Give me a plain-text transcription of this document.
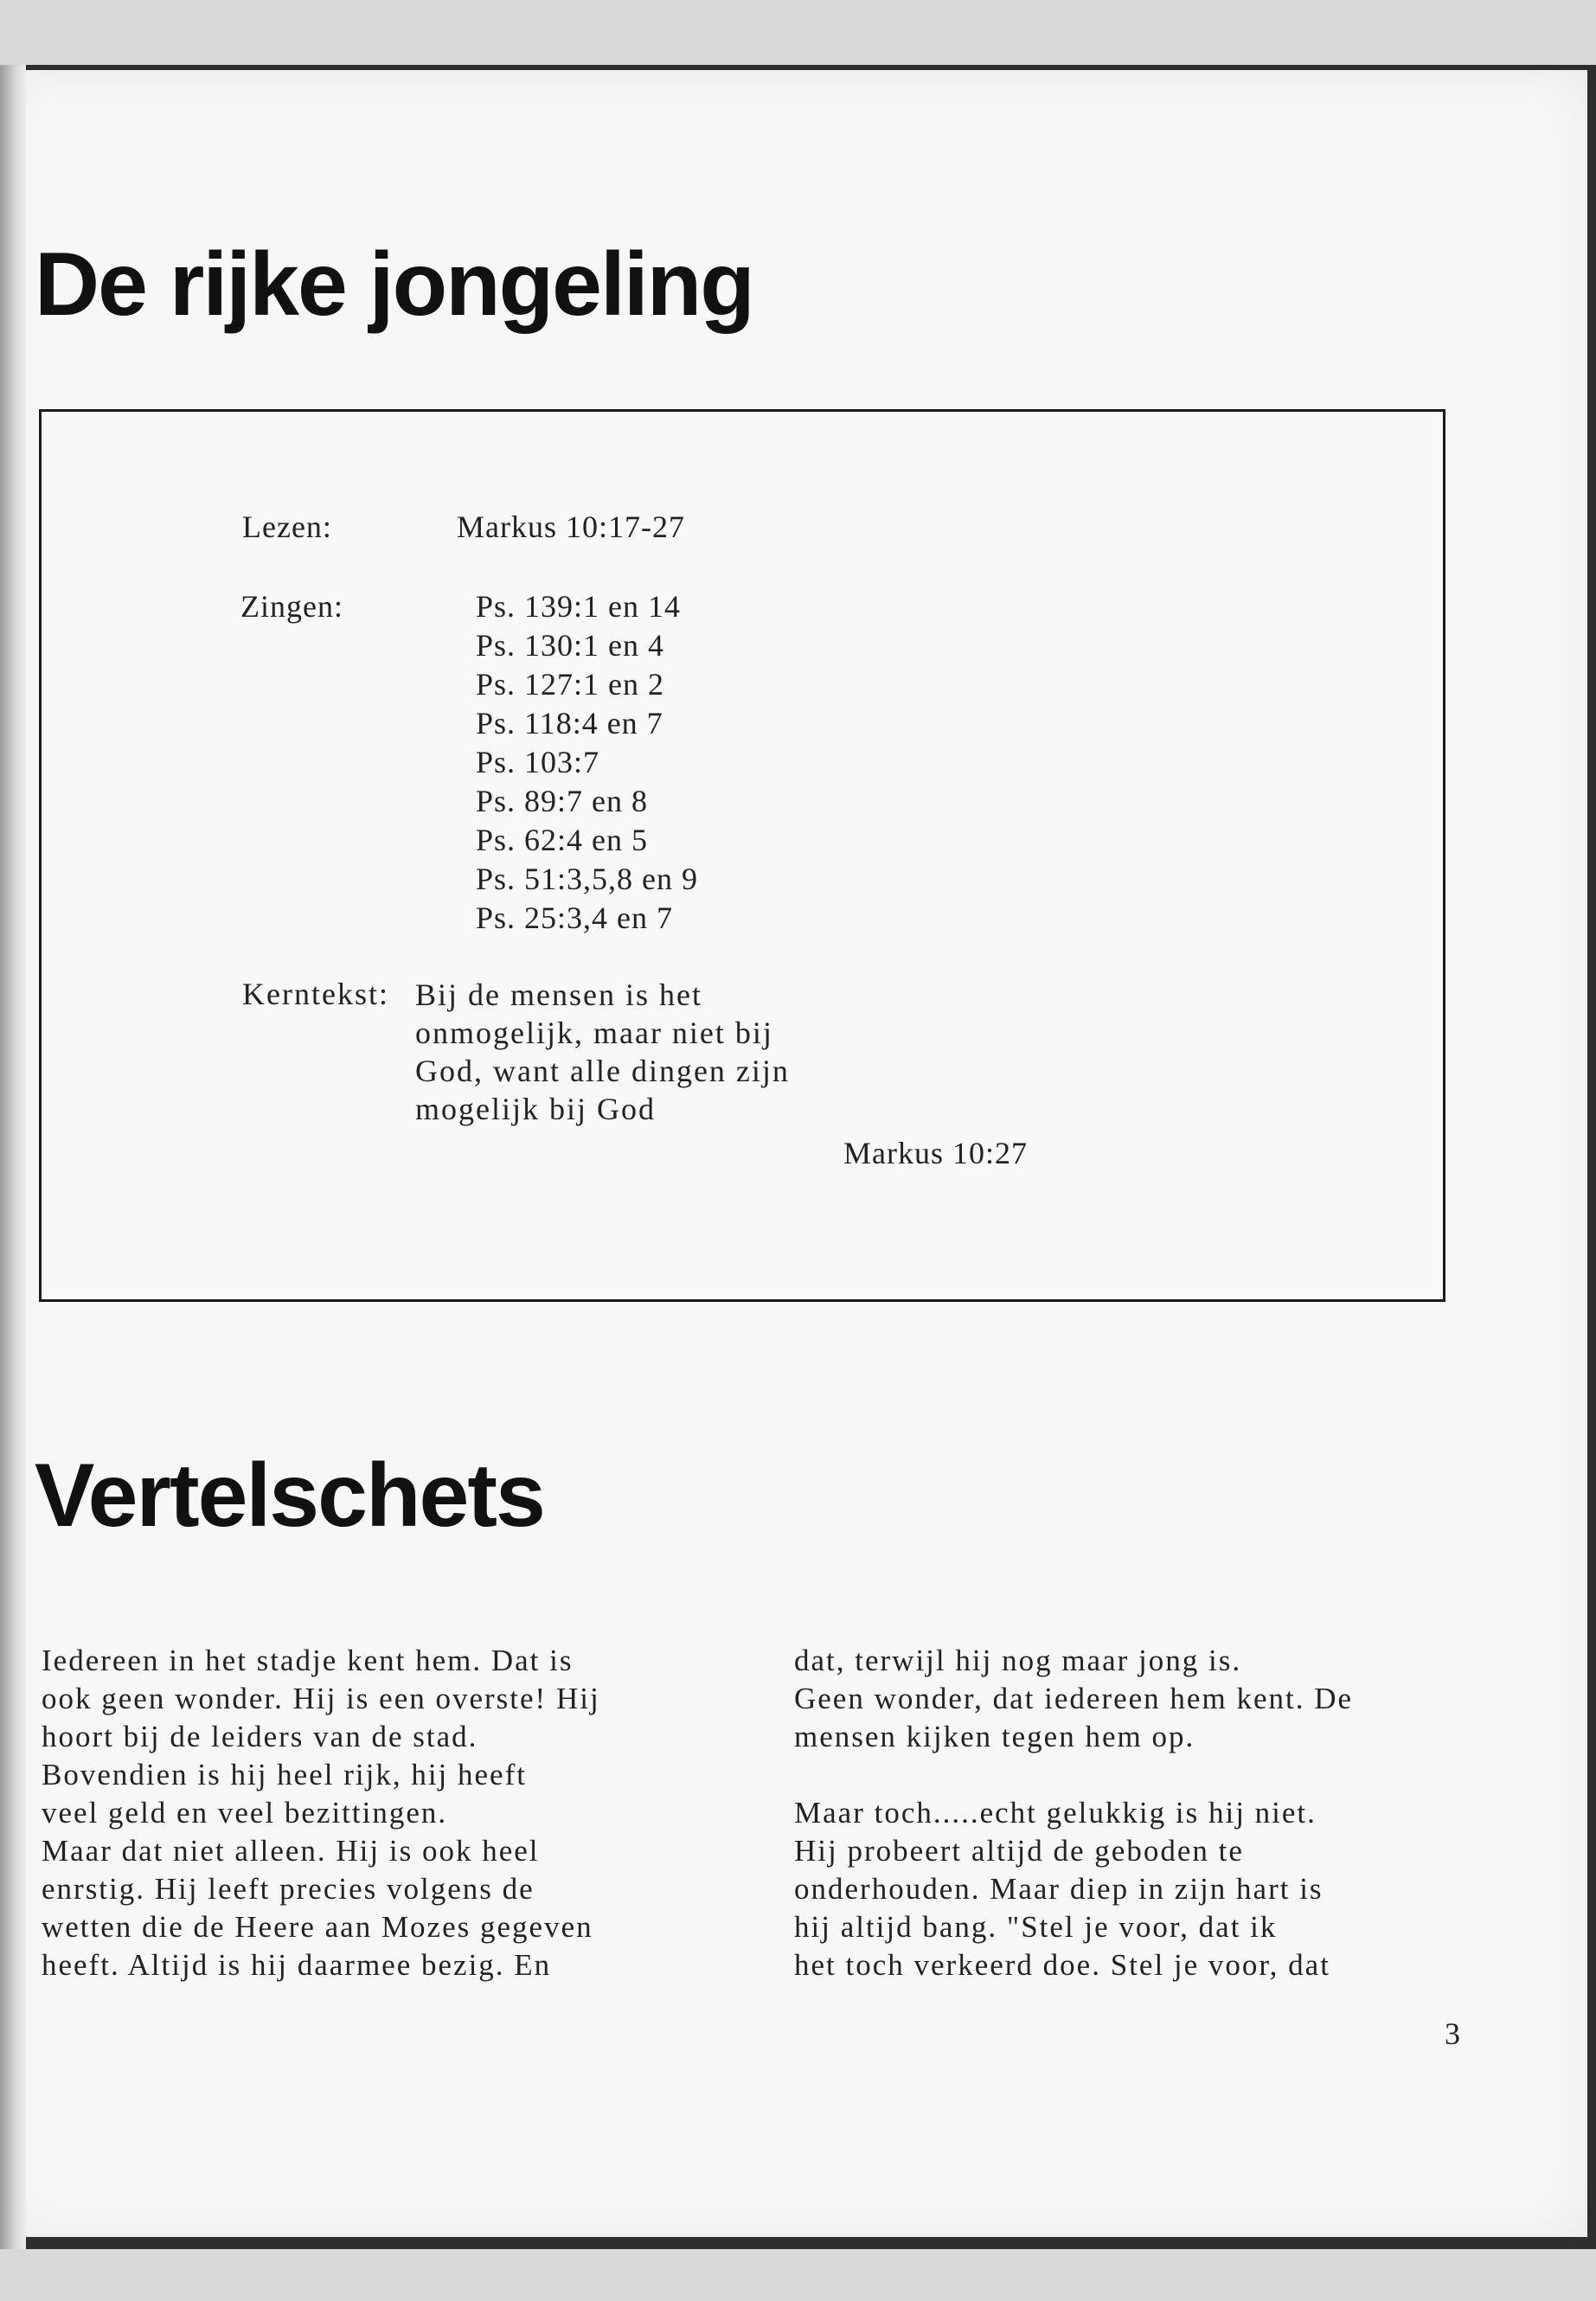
De rijke jongeling
Lezen:	Markus 10:17-27
Zingen:	Ps. 139:1 en 14
Ps. 130:1 en 4
Ps. 127:1 en 2
Ps. 118:4 en 7
Ps. 103:7
Ps. 89:7 en 8
Ps. 62:4 en 5
Ps. 51:3,5,8 en 9
Ps. 25:3,4 en 7
Kerntekst: Bij de mensen is het
onmogelijk, maar niet bij
God, want alle dingen zijn
mogelijk bij God
Markus 10:27
Vertelschets
Iedereen in het stadje kent hem. Dat is
ook geen wonder. Hij is een overste! Hij
hoort bij de leiders van de stad.
Bovendien is hij heel rijk, hij heeft
veel geld en veel bezittingen.
Maar dat niet alleen. Hij is ook heel
enrstig. Hij leeft precies volgens de
wetten die de Heere aan Mozes gegeven
heeft. Altijd is hij daarmee bezig. En
dat, terwijl hij nog maar jong is.
Geen wonder, dat iedereen hem kent. De
mensen kijken tegen hem op.
Maar toch.....echt gelukkig is hij niet.
Hij probeert altijd de geboden te
onderhouden. Maar diep in zijn hart is
hij altijd bang. "Stel je voor, dat ik
het toch verkeerd doe. Stel je voor, dat
3
